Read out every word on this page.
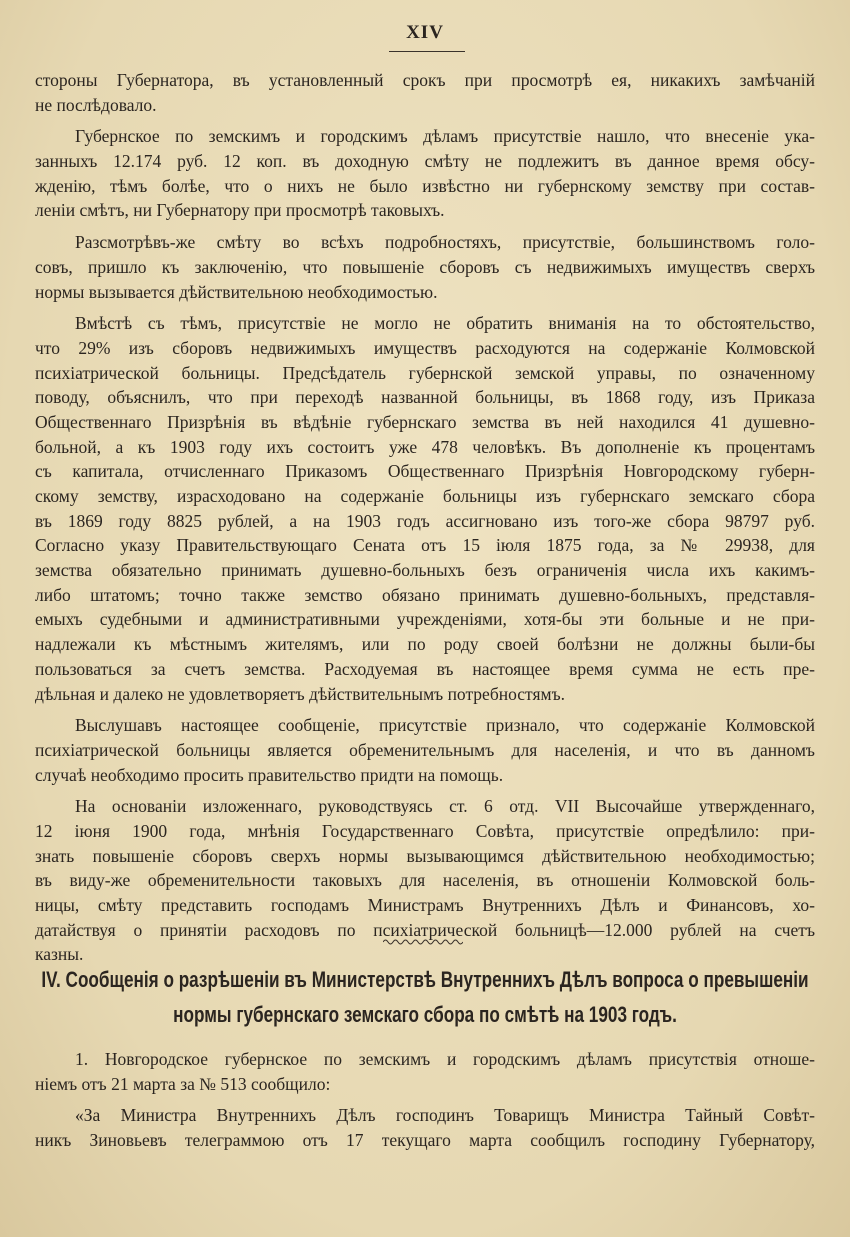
XIV
стороны Губернатора, въ установленный срокъ при просмотрѣ ея, никакихъ замѣчаній
не послѣдовало.
Губернское по земскимъ и городскимъ дѣламъ присутствіе нашло, что внесеніе ука-
занныхъ 12.174 руб. 12 коп. въ доходную смѣту не подлежитъ въ данное время обсу-
жденію, тѣмъ болѣе, что о нихъ не было извѣстно ни губернскому земству при состав-
леніи смѣтъ, ни Губернатору при просмотрѣ таковыхъ.
Разсмотрѣвъ-же смѣту во всѣхъ подробностяхъ, присутствіе, большинствомъ голо-
совъ, пришло къ заключенію, что повышеніе сборовъ съ недвижимыхъ имуществъ сверхъ
нормы вызывается дѣйствительною необходимостью.
Вмѣстѣ съ тѣмъ, присутствіе не могло не обратить вниманія на то обстоятельство,
что 29% изъ сборовъ недвижимыхъ имуществъ расходуются на содержаніе Колмовской
психіатрической больницы. Предсѣдатель губернской земской управы, по означенному
поводу, объяснилъ, что при переходѣ названной больницы, въ 1868 году, изъ Приказа
Общественнаго Призрѣнія въ вѣдѣніе губернскаго земства въ ней находился 41 душевно-
больной, а къ 1903 году ихъ состоитъ уже 478 человѣкъ. Въ дополненіе къ процентамъ
съ капитала, отчисленнаго Приказомъ Общественнаго Призрѣнія Новгородскому губерн-
скому земству, израсходовано на содержаніе больницы изъ губернскаго земскаго сбора
въ 1869 году 8825 рублей, а на 1903 годъ ассигновано изъ того-же сбора 98797 руб.
Согласно указу Правительствующаго Сената отъ 15 іюля 1875 года, за № 29938, для
земства обязательно принимать душевно-больныхъ безъ ограниченія числа ихъ какимъ-
либо штатомъ; точно также земство обязано принимать душевно-больныхъ, представля-
емыхъ судебными и административными учрежденіями, хотя-бы эти больные и не при-
надлежали къ мѣстнымъ жителямъ, или по роду своей болѣзни не должны были-бы
пользоваться за счетъ земства. Расходуемая въ настоящее время сумма не есть пре-
дѣльная и далеко не удовлетворяетъ дѣйствительнымъ потребностямъ.
Выслушавъ настоящее сообщеніе, присутствіе признало, что содержаніе Колмовской
психіатрической больницы является обременительнымъ для населенія, и что въ данномъ
случаѣ необходимо просить правительство придти на помощь.
На основаніи изложеннаго, руководствуясь ст. 6 отд. VII Высочайше утвержденнаго,
12 іюня 1900 года, мнѣнія Государственнаго Совѣта, присутствіе опредѣлило: при-
знать повышеніе сборовъ сверхъ нормы вызывающимся дѣйствительною необходимостью;
въ виду-же обременительности таковыхъ для населенія, въ отношеніи Колмовской боль-
ницы, смѣту представить господамъ Министрамъ Внутреннихъ Дѣлъ и Финансовъ, хо-
датайствуя о принятіи расходовъ по психіатрической больницѣ—12.000 рублей на счетъ
казны.
IV. Сообщенія о разрѣшеніи въ Министерствѣ Внутреннихъ Дѣлъ вопроса о превышеніи
нормы губернскаго земскаго сбора по смѣтѣ на 1903 годъ.
1. Новгородское губернское по земскимъ и городскимъ дѣламъ присутствія отноше-
ніемъ отъ 21 марта за № 513 сообщило:
«За Министра Внутреннихъ Дѣлъ господинъ Товарищъ Министра Тайный Совѣт-
никъ Зиновьевъ телеграммою отъ 17 текущаго марта сообщилъ господину Губернатору,
